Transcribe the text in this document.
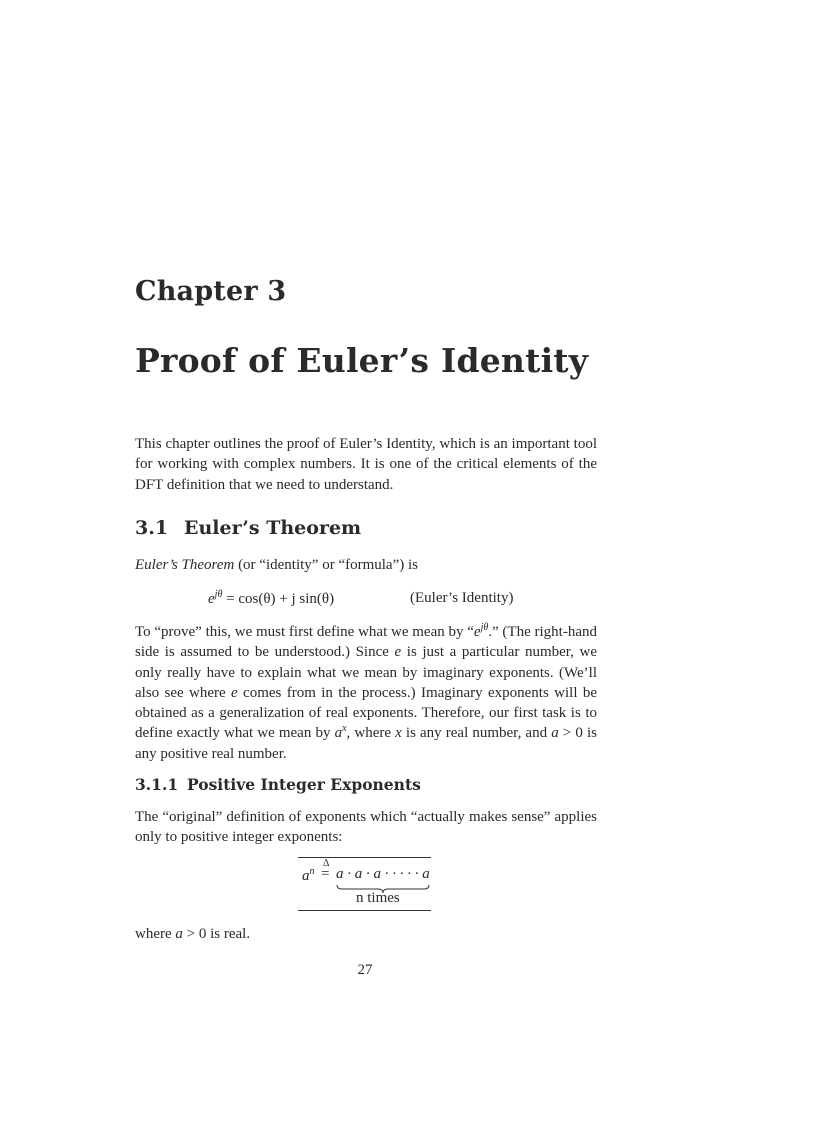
Chapter 3
Proof of Euler’s Identity
This chapter outlines the proof of Euler’s Identity, which is an important tool for working with complex numbers. It is one of the critical elements of the DFT definition that we need to understand.
3.1 Euler’s Theorem
Euler’s Theorem (or “identity” or “formula”) is
$e^{j\theta} = \cos(\theta) + j$ sin(θ)	(Euler’s Identity)
To “prove” this, we must first define what we mean by “$e^{j\theta}$.” (The right-hand side is assumed to be understood.) Since e is just a particular number, we only really have to explain what we mean by imaginary exponents. (We’ll also see where e comes from in the process.) Imaginary exponents will be obtained as a generalization of real exponents. Therefore, our first task is to define exactly what we mean by $a^x$, where x is any real number, and a > 0 is any positive real number.
3.1.1 Positive Integer Exponents
The “original” definition of exponents which “actually makes sense” applies only to positive integer exponents:
$a^n$
Δ
= a · a · a · · · · · a
n times
where a > 0 is real.
27
